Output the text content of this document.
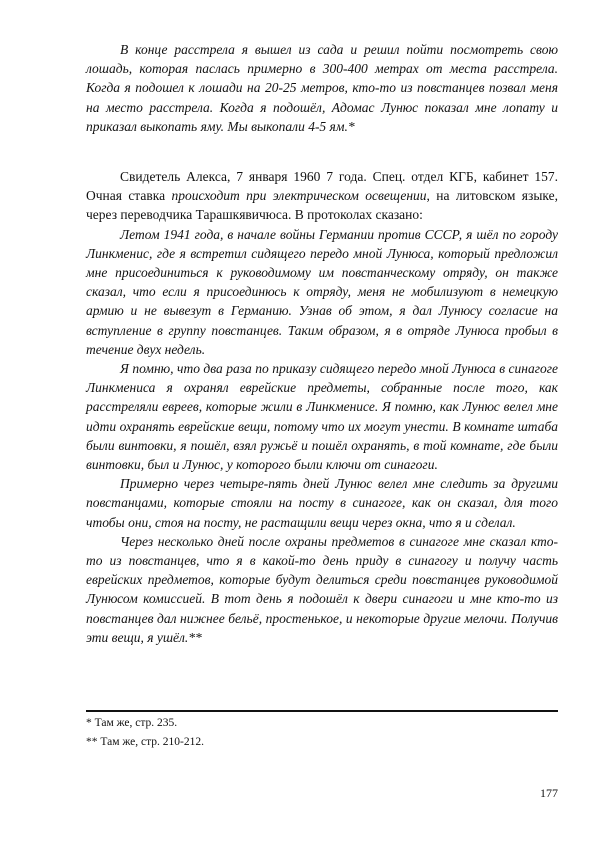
В конце расстрела я вышел из сада и решил пойти посмотреть свою лошадь, которая паслась примерно в 300-400 метрах от места расстрела. Когда я подошел к лошади на 20-25 метров, кто-то из повстанцев позвал меня на место расстрела. Когда я подошёл, Адомас Лунюс показал мне лопату и приказал выкопать яму. Мы выкопали 4-5 ям.*

Свидетель Алекса, 7 января 1960 7 года. Спец. отдел КГБ, кабинет 157. Очная ставка происходит при электрическом освещении, на литовском языке, через переводчика Тарашкявичюса. В протоколах сказано:

Летом 1941 года, в начале войны Германии против СССР, я шёл по городу Линкменис, где я встретил сидящего передо мной Лунюса, который предложил мне присоединиться к руководимому им повстанческому отряду, он также сказал, что если я присоединюсь к отряду, меня не мобилизуют в немецкую армию и не вывезут в Германию. Узнав об этом, я дал Лунюсу согласие на вступление в группу повстанцев. Таким образом, я в отряде Лунюса пробыл в течение двух недель.

Я помню, что два раза по приказу сидящего передо мной Лунюса в синагоге Линкмениса я охранял еврейские предметы, собранные после того, как расстреляли евреев, которые жили в Линкменисе. Я помню, как Лунюс велел мне идти охранять еврейские вещи, потому что их могут унести. В комнате штаба были винтовки, я пошёл, взял ружьё и пошёл охранять, в той комнате, где были винтовки, был и Лунюс, у которого были ключи от синагоги.

Примерно через четыре-пять дней Лунюс велел мне следить за другими повстанцами, которые стояли на посту в синагоге, как он сказал, для того чтобы они, стоя на посту, не растащили вещи через окна, что я и сделал.

Через несколько дней после охраны предметов в синагоге мне сказал кто-то из повстанцев, что я в какой-то день приду в синагогу и получу часть еврейских предметов, которые будут делиться среди повстанцев руководимой Лунюсом комиссией. В тот день я подошёл к двери синагоги и мне кто-то из повстанцев дал нижнее бельё, простенькое, и некоторые другие мелочи. Получив эти вещи, я ушёл.**

* Там же, стр. 235.
** Там же, стр. 210-212.
177
